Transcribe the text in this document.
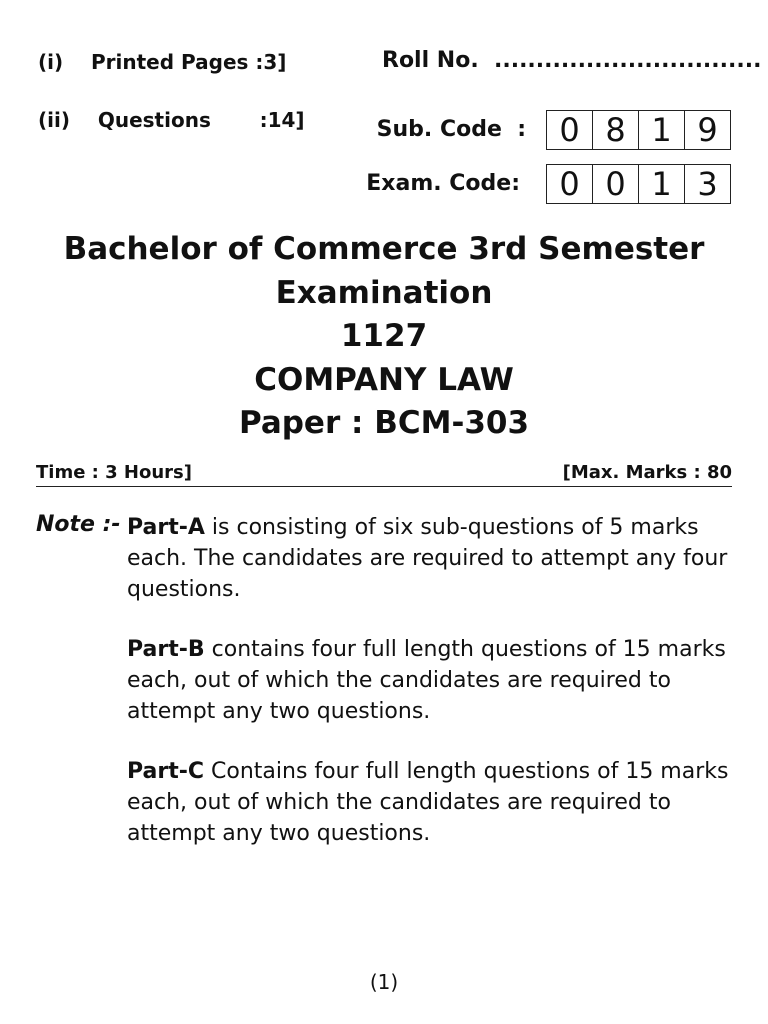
(i)    Printed Pages :3]
(ii)    Questions       :14]
Roll No.  ................................
Sub. Code  :	0 8 1 9
Exam. Code:	0 0 1 3
Bachelor of Commerce 3rd Semester
Examination
1127
COMPANY LAW
Paper : BCM-303
Time : 3 Hours]	[Max. Marks : 80
Note :- Part-A is consisting of six sub-questions of 5 marks each. The candidates are required to attempt any four questions.
Part-B contains four full length questions of 15 marks each, out of which the candidates are required to attempt any two questions.
Part-C Contains four full length questions of 15 marks each, out of which the candidates are required to attempt any two questions.
(1)
